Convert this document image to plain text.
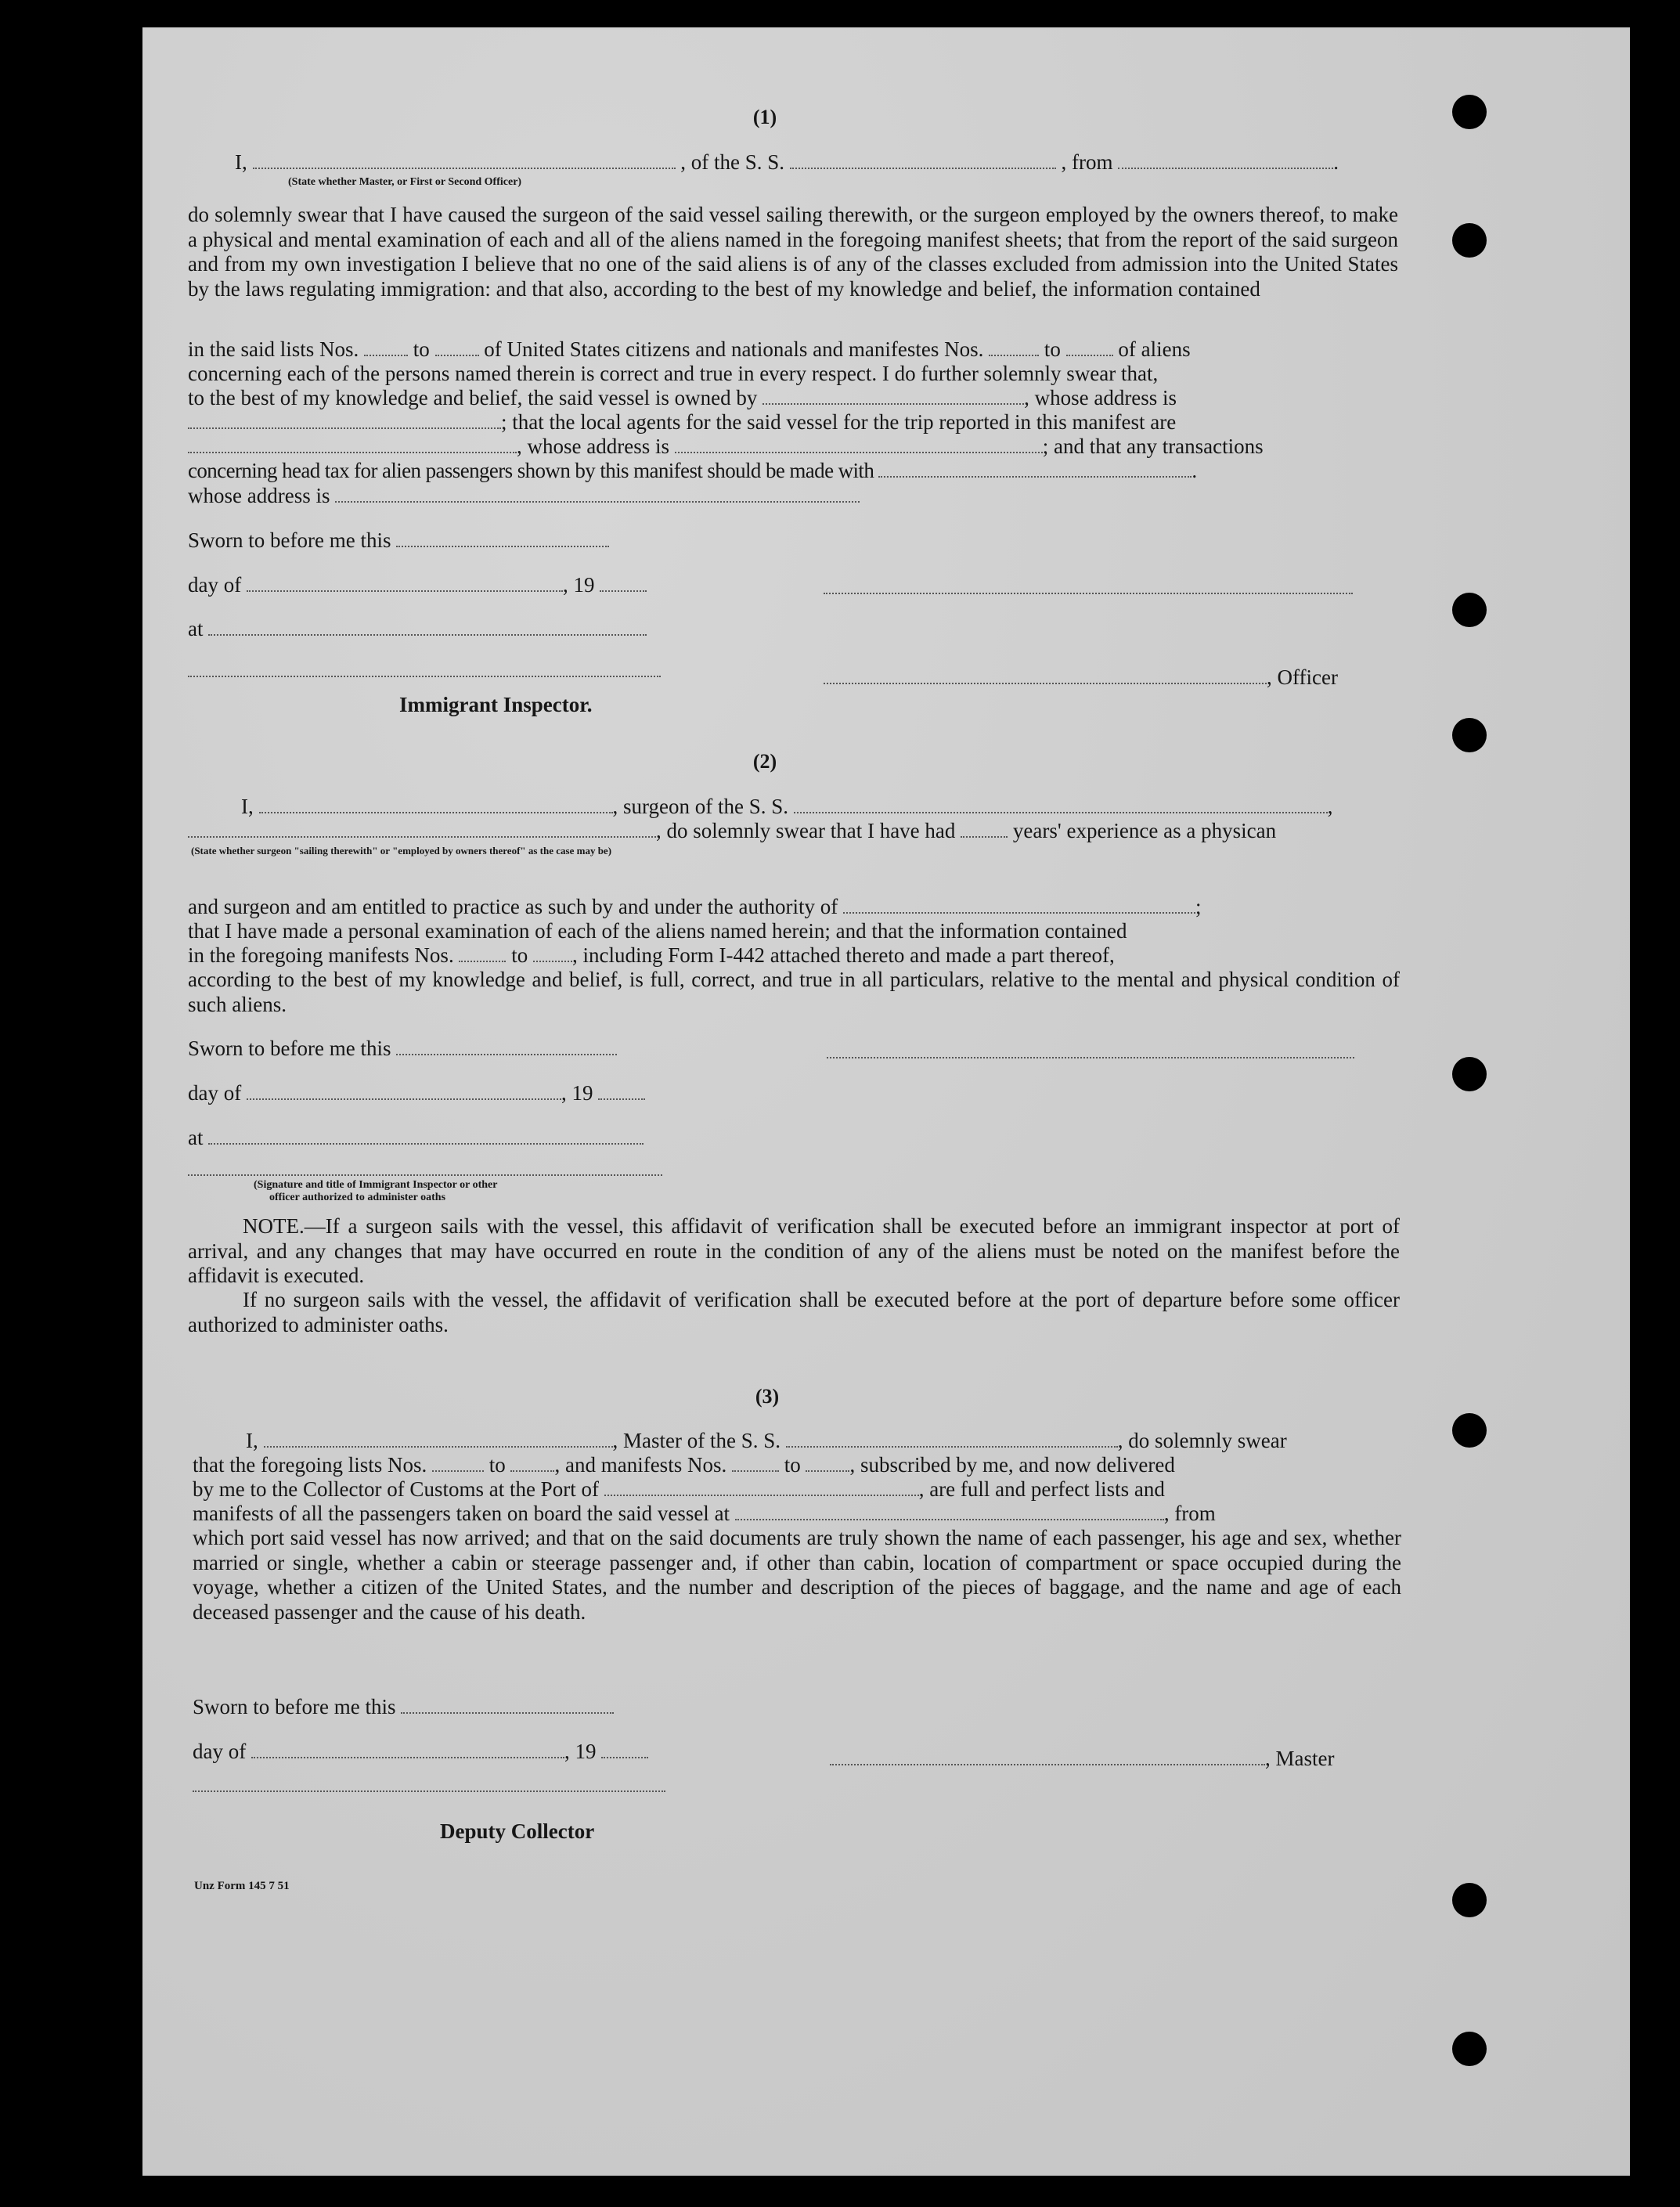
(1)
I,	, of the S. S.	, from	.
(State whether Master, or First or Second Officer)
do solemnly swear that I have caused the surgeon of the said vessel sailing therewith, or the surgeon employed by the owners thereof, to make a physical and mental examination of each and all of the aliens named in the foregoing manifest sheets; that from the report of the said surgeon and from my own investigation I believe that no one of the said aliens is of any of the classes excluded from admission into the United States by the laws regulating immigration: and that also, according to the best of my knowledge and belief, the information contained
in the said lists Nos.	to	of United States citizens and nationals and manifestes Nos.	to	of aliens
concerning each of the persons named therein is correct and true in every respect. I do further solemnly swear that,
to the best of my knowledge and belief, the said vessel is owned by	, whose address is
; that the local agents for the said vessel for the trip reported in this manifest are
, whose address is	; and that any transactions
concerning head tax for alien passengers shown by this manifest should be made with	.
whose address is
Sworn to before me this
day of	, 19
at
Immigrant Inspector.
, Officer
(2)
I,	, surgeon of the S. S.	,
, do solemnly swear that I have had	years' experience as a physican
(State whether surgeon "sailing therewith" or "employed by owners thereof" as the case may be)
and surgeon and am entitled to practice as such by and under the authority of	;
that I have made a personal examination of each of the aliens named herein; and that the information contained
in the foregoing manifests Nos.	to , including Form I-442 attached thereto and made a part thereof,
according to the best of my knowledge and belief, is full, correct, and true in all particulars, relative to the mental and physical condition of such aliens.
Sworn to before me this
day of	, 19
at
(Signature and title of Immigrant Inspector or other
officer authorized to administer oaths
NOTE.—If a surgeon sails with the vessel, this affidavit of verification shall be executed before an immigrant inspector at port of arrival, and any changes that may have occurred en route in the condition of any of the aliens must be noted on the manifest before the affidavit is executed.
If no surgeon sails with the vessel, the affidavit of verification shall be executed before at the port of departure before some officer authorized to administer oaths.
(3)
I,	, Master of the S. S.	, do solemnly swear
that the foregoing lists Nos.	to , and manifests Nos.	to , subscribed by me, and now delivered
by me to the Collector of Customs at the Port of	, are full and perfect lists and
manifests of all the passengers taken on board the said vessel at	, from
which port said vessel has now arrived; and that on the said documents are truly shown the name of each passenger, his age and sex, whether married or single, whether a cabin or steerage passenger and, if other than cabin, location of compartment or space occupied during the voyage, whether a citizen of the United States, and the number and description of the pieces of baggage, and the name and age of each deceased passenger and the cause of his death.
Sworn to before me this
day of	, 19	, Master
Deputy Collector
Unz Form 145 7 51
